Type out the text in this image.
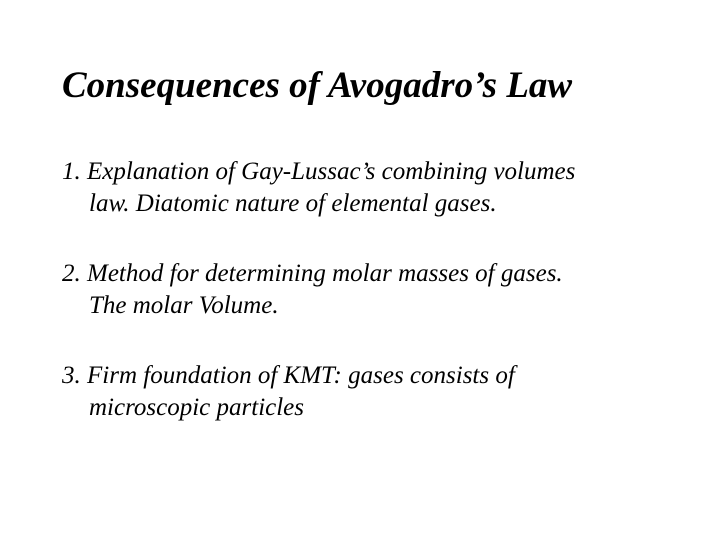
Consequences of Avogadro’s Law
1. Explanation of Gay-Lussac’s combining volumes
law. Diatomic nature of elemental gases.
2. Method for determining molar masses of gases.
The molar Volume.
3. Firm foundation of KMT: gases consists of
microscopic particles
